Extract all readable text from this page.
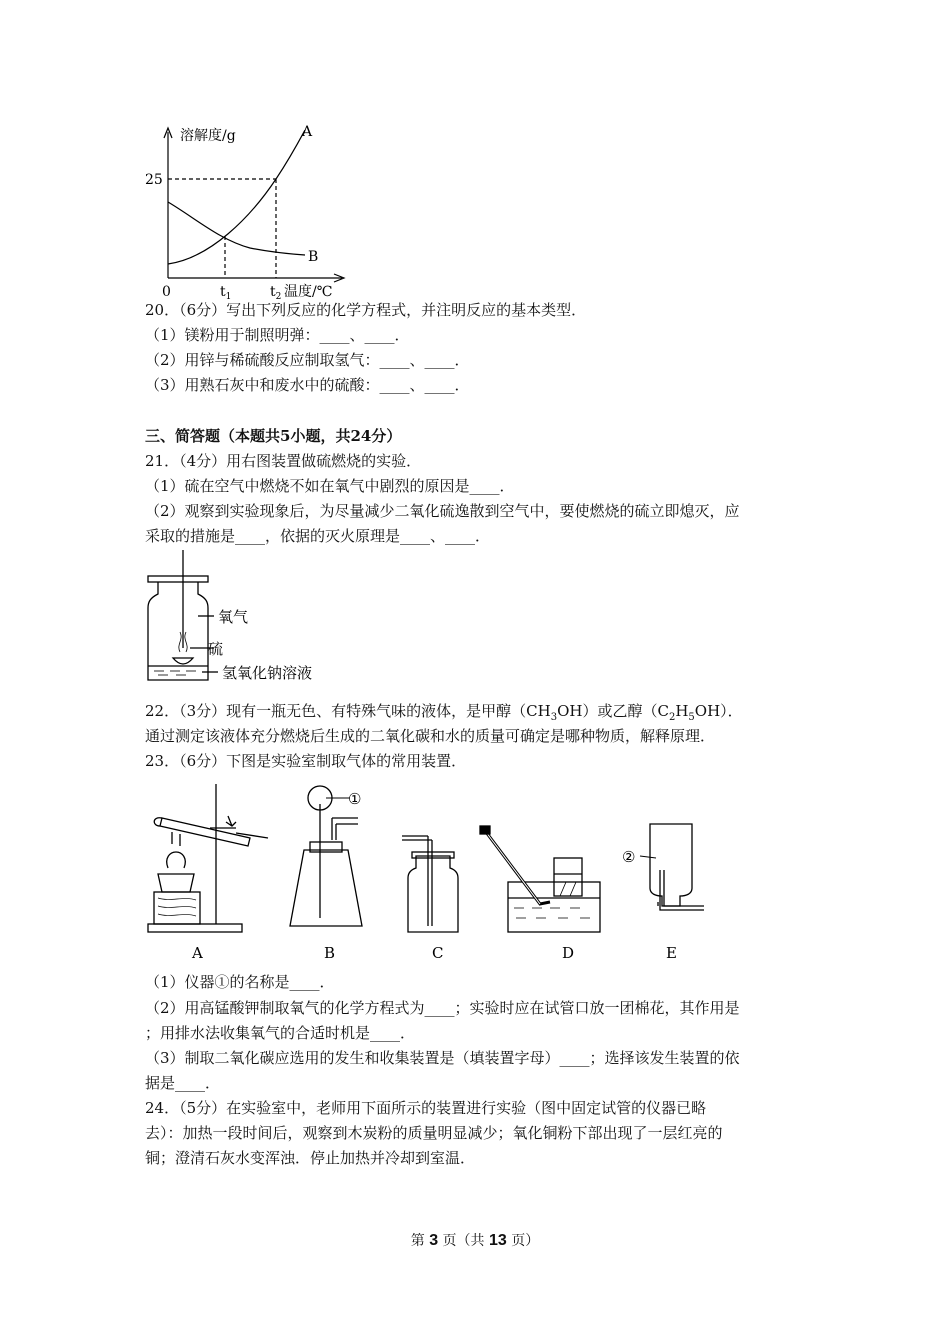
溶解度/g
25
0	$t_1$	$t_2$ 温度/℃
A
B
20．（6分）写出下列反应的化学方程式，并注明反应的基本类型．
（1）镁粉用于制照明弹：____、____．
（2）用锌与稀硫酸反应制取氢气：____、____．
（3）用熟石灰中和废水中的硫酸：____、____．
三、简答题（本题共5小题，共24分）
21．（4分）用右图装置做硫燃烧的实验．
（1）硫在空气中燃烧不如在氧气中剧烈的原因是____．
（2）观察到实验现象后，为尽量减少二氧化硫逸散到空气中，要使燃烧的硫立即熄灭，应
采取的措施是____，依据的灭火原理是____、____．
氧气
硫
氢氧化钠溶液
22．（3分）现有一瓶无色、有特殊气味的液体，是甲醇$(CH_3OH)$或乙醇$(C_2H_5OH)$．
通过测定该液体充分燃烧后生成的二氧化碳和水的质量可确定是哪种物质，解释原理．
23．（6分）下图是实验室制取气体的常用装置．
①
②
A	B	C	D	E
（1）仪器①的名称是____．
（2）用高锰酸钾制取氧气的化学方程式为____；实验时应在试管口放一团棉花，其作用是
；用排水法收集氧气的合适时机是____．
（3）制取二氧化碳应选用的发生和收集装置是（填装置字母）____；选择该发生装置的依
据是____．
24．（5分）在实验室中，老师用下面所示的装置进行实验（图中固定试管的仪器已略
去）：加热一段时间后，观察到木炭粉的质量明显减少；氧化铜粉下部出现了一层红亮的
铜；澄清石灰水变浑浊．停止加热并冷却到室温．
第 3 页（共 13 页）
